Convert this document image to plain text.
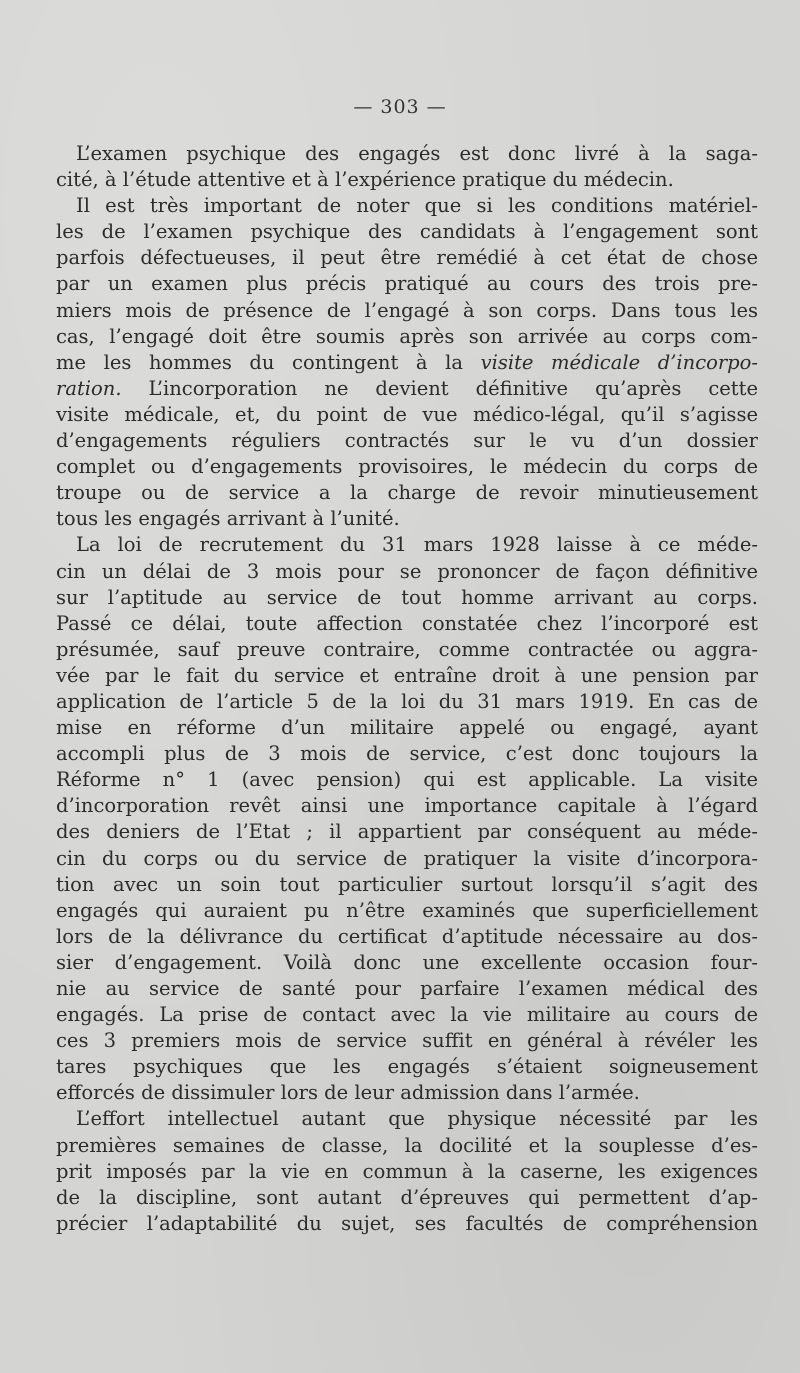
— 303 —
L’examen psychique des engagés est donc livré à la saga-
cité, à l’étude attentive et à l’expérience pratique du médecin.
Il est très important de noter que si les conditions matériel-
les de l’examen psychique des candidats à l’engagement sont
parfois défectueuses, il peut être remédié à cet état de chose
par un examen plus précis pratiqué au cours des trois pre-
miers mois de présence de l’engagé à son corps. Dans tous les
cas, l’engagé doit être soumis après son arrivée au corps com-
me les hommes du contingent à la visite médicale d’incorpo-
ration. L’incorporation ne devient définitive qu’après cette
visite médicale, et, du point de vue médico-légal, qu’il s’agisse
d’engagements réguliers contractés sur le vu d’un dossier
complet ou d’engagements provisoires, le médecin du corps de
troupe ou de service a la charge de revoir minutieusement
tous les engagés arrivant à l’unité.
La loi de recrutement du 31 mars 1928 laisse à ce méde-
cin un délai de 3 mois pour se prononcer de façon définitive
sur l’aptitude au service de tout homme arrivant au corps.
Passé ce délai, toute affection constatée chez l’incorporé est
présumée, sauf preuve contraire, comme contractée ou aggra-
vée par le fait du service et entraîne droit à une pension par
application de l’article 5 de la loi du 31 mars 1919. En cas de
mise en réforme d’un militaire appelé ou engagé, ayant
accompli plus de 3 mois de service, c’est donc toujours la
Réforme n° 1 (avec pension) qui est applicable. La visite
d’incorporation revêt ainsi une importance capitale à l’égard
des deniers de l’Etat ; il appartient par conséquent au méde-
cin du corps ou du service de pratiquer la visite d’incorpora-
tion avec un soin tout particulier surtout lorsqu’il s’agit des
engagés qui auraient pu n’être examinés que superficiellement
lors de la délivrance du certificat d’aptitude nécessaire au dos-
sier d’engagement. Voilà donc une excellente occasion four-
nie au service de santé pour parfaire l’examen médical des
engagés. La prise de contact avec la vie militaire au cours de
ces 3 premiers mois de service suffit en général à révéler les
tares psychiques que les engagés s’étaient soigneusement
efforcés de dissimuler lors de leur admission dans l’armée.
L’effort intellectuel autant que physique nécessité par les
premières semaines de classe, la docilité et la souplesse d’es-
prit imposés par la vie en commun à la caserne, les exigences
de la discipline, sont autant d’épreuves qui permettent d’ap-
précier l’adaptabilité du sujet, ses facultés de compréhension
